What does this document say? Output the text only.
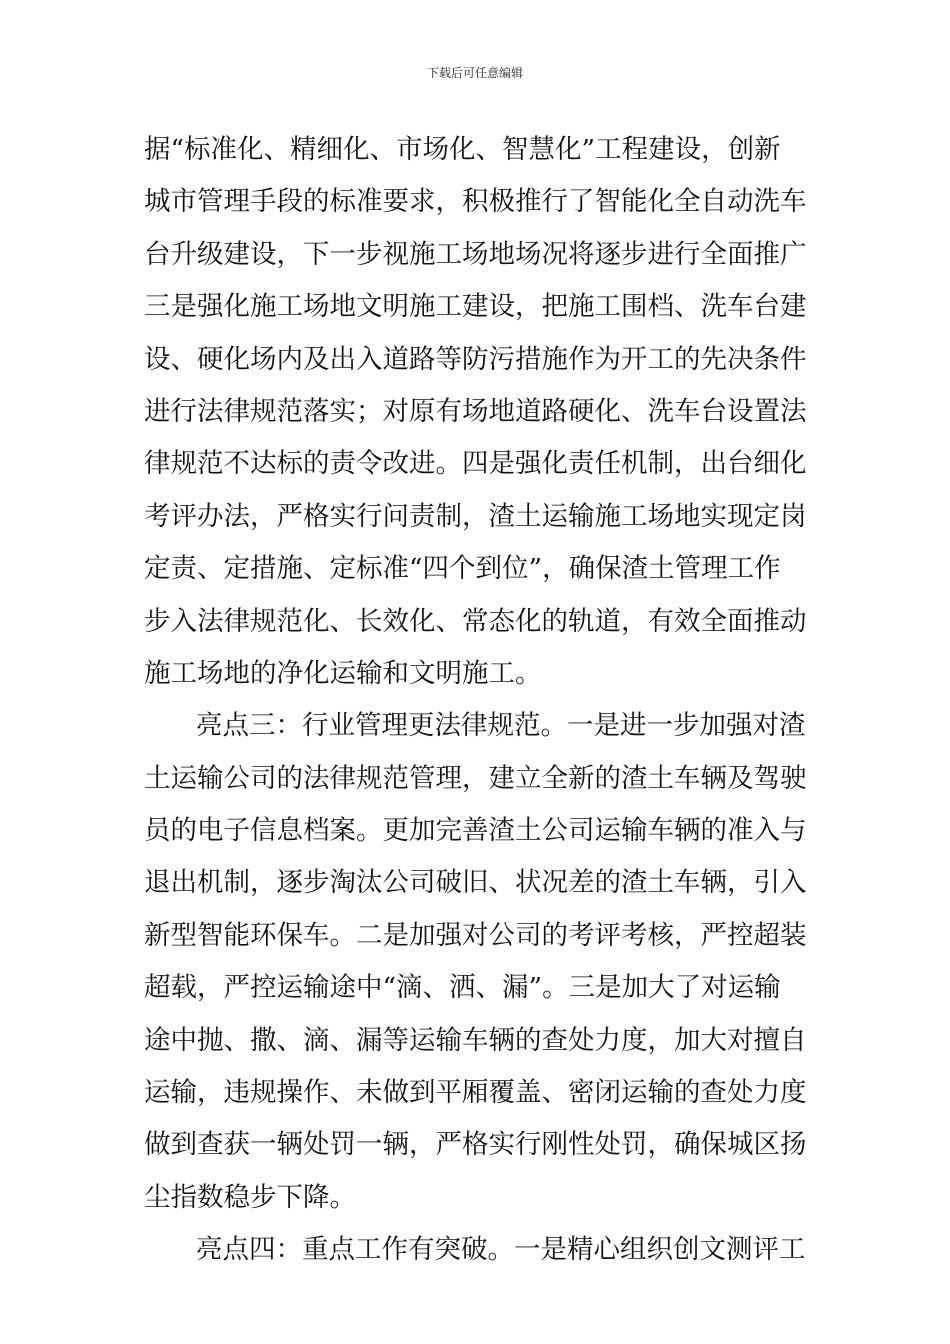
下载后可任意编辑
据“标准化、精细化、市场化、智慧化”工程建设，创新
城市管理手段的标准要求，积极推行了智能化全自动洗车
台升级建设，下一步视施工场地场况将逐步进行全面推广
三是强化施工场地文明施工建设，把施工围档、洗车台建
设、硬化场内及出入道路等防污措施作为开工的先决条件
进行法律规范落实；对原有场地道路硬化、洗车台设置法
律规范不达标的责令改进。四是强化责任机制，出台细化
考评办法，严格实行问责制，渣土运输施工场地实现定岗
定责、定措施、定标准“四个到位”，确保渣土管理工作
步入法律规范化、长效化、常态化的轨道，有效全面推动
施工场地的净化运输和文明施工。
亮点三：行业管理更法律规范。一是进一步加强对渣
土运输公司的法律规范管理，建立全新的渣土车辆及驾驶
员的电子信息档案。更加完善渣土公司运输车辆的准入与
退出机制，逐步淘汰公司破旧、状况差的渣土车辆，引入
新型智能环保车。二是加强对公司的考评考核，严控超装
超载，严控运输途中“滴、洒、漏”。三是加大了对运输
途中抛、撒、滴、漏等运输车辆的查处力度，加大对擅自
运输，违规操作、未做到平厢覆盖、密闭运输的查处力度
做到查获一辆处罚一辆，严格实行刚性处罚，确保城区扬
尘指数稳步下降。
亮点四：重点工作有突破。一是精心组织创文测评工
